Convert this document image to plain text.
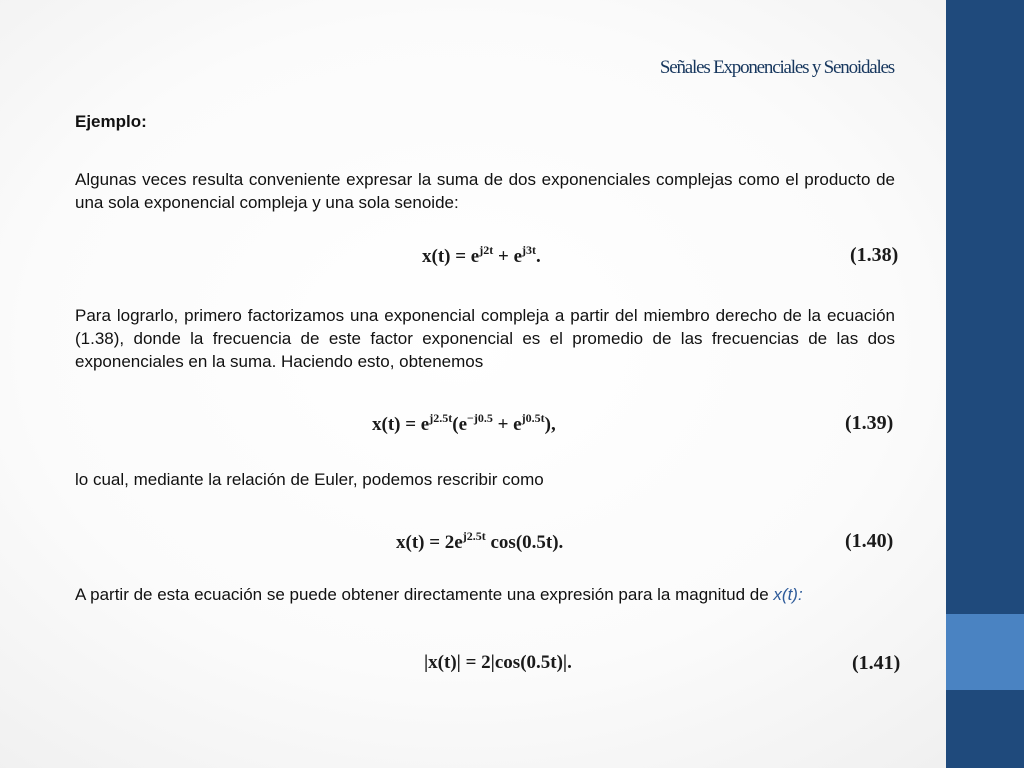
Señales Exponenciales y Senoidales
Ejemplo:
Algunas veces resulta conveniente expresar la suma de dos exponenciales complejas como el producto de una sola exponencial compleja y una sola senoide:
$x(t) = e^{j2t} + e^{j3t}$.	(1.38)
Para lograrlo, primero factorizamos una exponencial compleja a partir del miembro derecho de la ecuación (1.38), donde la frecuencia de este factor exponencial es el promedio de las frecuencias de las dos exponenciales en la suma. Haciendo esto, obtenemos
$x(t) = e^{j2.5t}(e^{-j0.5} + e^{j0.5t})$,	(1.39)
lo cual, mediante la relación de Euler, podemos rescribir como
$x(t) = 2e^{j2.5t}$ cos(0.5t).	(1.40)
A partir de esta ecuación se puede obtener directamente una expresión para la magnitud de x(t):
|x(t)| = 2|cos(0.5t)|.	(1.41)
